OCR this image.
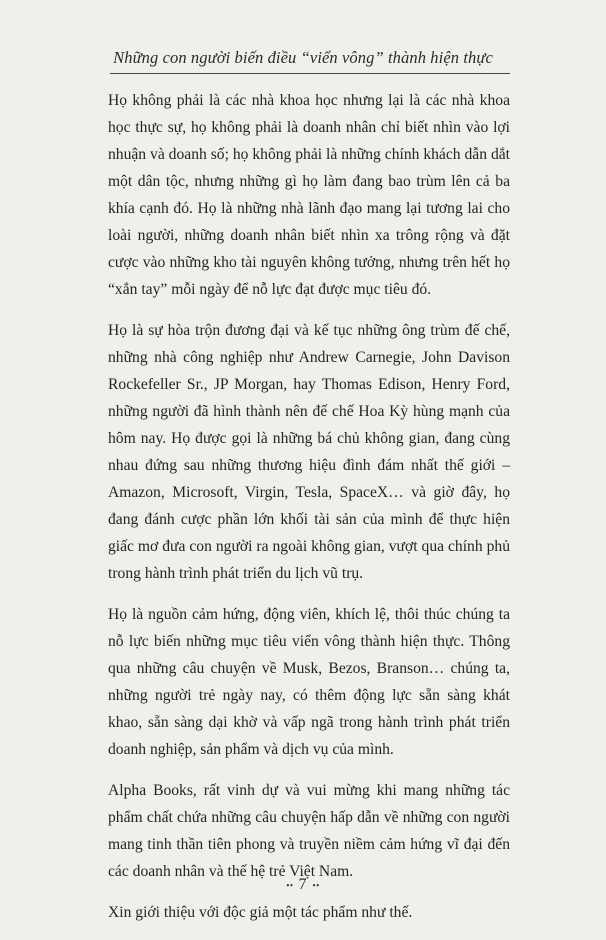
Những con người biến điều “viển vông” thành hiện thực

Họ không phải là các nhà khoa học nhưng lại là các nhà khoa học thực sự, họ không phải là doanh nhân chỉ biết nhìn vào lợi nhuận và doanh số; họ không phải là những chính khách dẫn dắt một dân tộc, nhưng những gì họ làm đang bao trùm lên cả ba khía cạnh đó. Họ là những nhà lãnh đạo mang lại tương lai cho loài người, những doanh nhân biết nhìn xa trông rộng và đặt cược vào những kho tài nguyên không tưởng, nhưng trên hết họ “xắn tay” mỗi ngày để nỗ lực đạt được mục tiêu đó.

Họ là sự hòa trộn đương đại và kế tục những ông trùm đế chế, những nhà công nghiệp như Andrew Carnegie, John Davison Rockefeller Sr., JP Morgan, hay Thomas Edison, Henry Ford, những người đã hình thành nên đế chế Hoa Kỳ hùng mạnh của hôm nay. Họ được gọi là những bá chủ không gian, đang cùng nhau đứng sau những thương hiệu đình đám nhất thế giới – Amazon, Microsoft, Virgin, Tesla, SpaceX… và giờ đây, họ đang đánh cược phần lớn khối tài sản của mình để thực hiện giấc mơ đưa con người ra ngoài không gian, vượt qua chính phủ trong hành trình phát triển du lịch vũ trụ.

Họ là nguồn cảm hứng, động viên, khích lệ, thôi thúc chúng ta nỗ lực biến những mục tiêu viển vông thành hiện thực. Thông qua những câu chuyện về Musk, Bezos, Branson… chúng ta, những người trẻ ngày nay, có thêm động lực sẵn sàng khát khao, sẵn sàng dại khờ và vấp ngã trong hành trình phát triển doanh nghiệp, sản phẩm và dịch vụ của mình.

Alpha Books, rất vinh dự và vui mừng khi mang những tác phẩm chất chứa những câu chuyện hấp dẫn về những con người mang tinh thần tiên phong và truyền niềm cảm hứng vĩ đại đến các doanh nhân và thế hệ trẻ Việt Nam.

Xin giới thiệu với độc giả một tác phẩm như thế.

•• 7 ••
